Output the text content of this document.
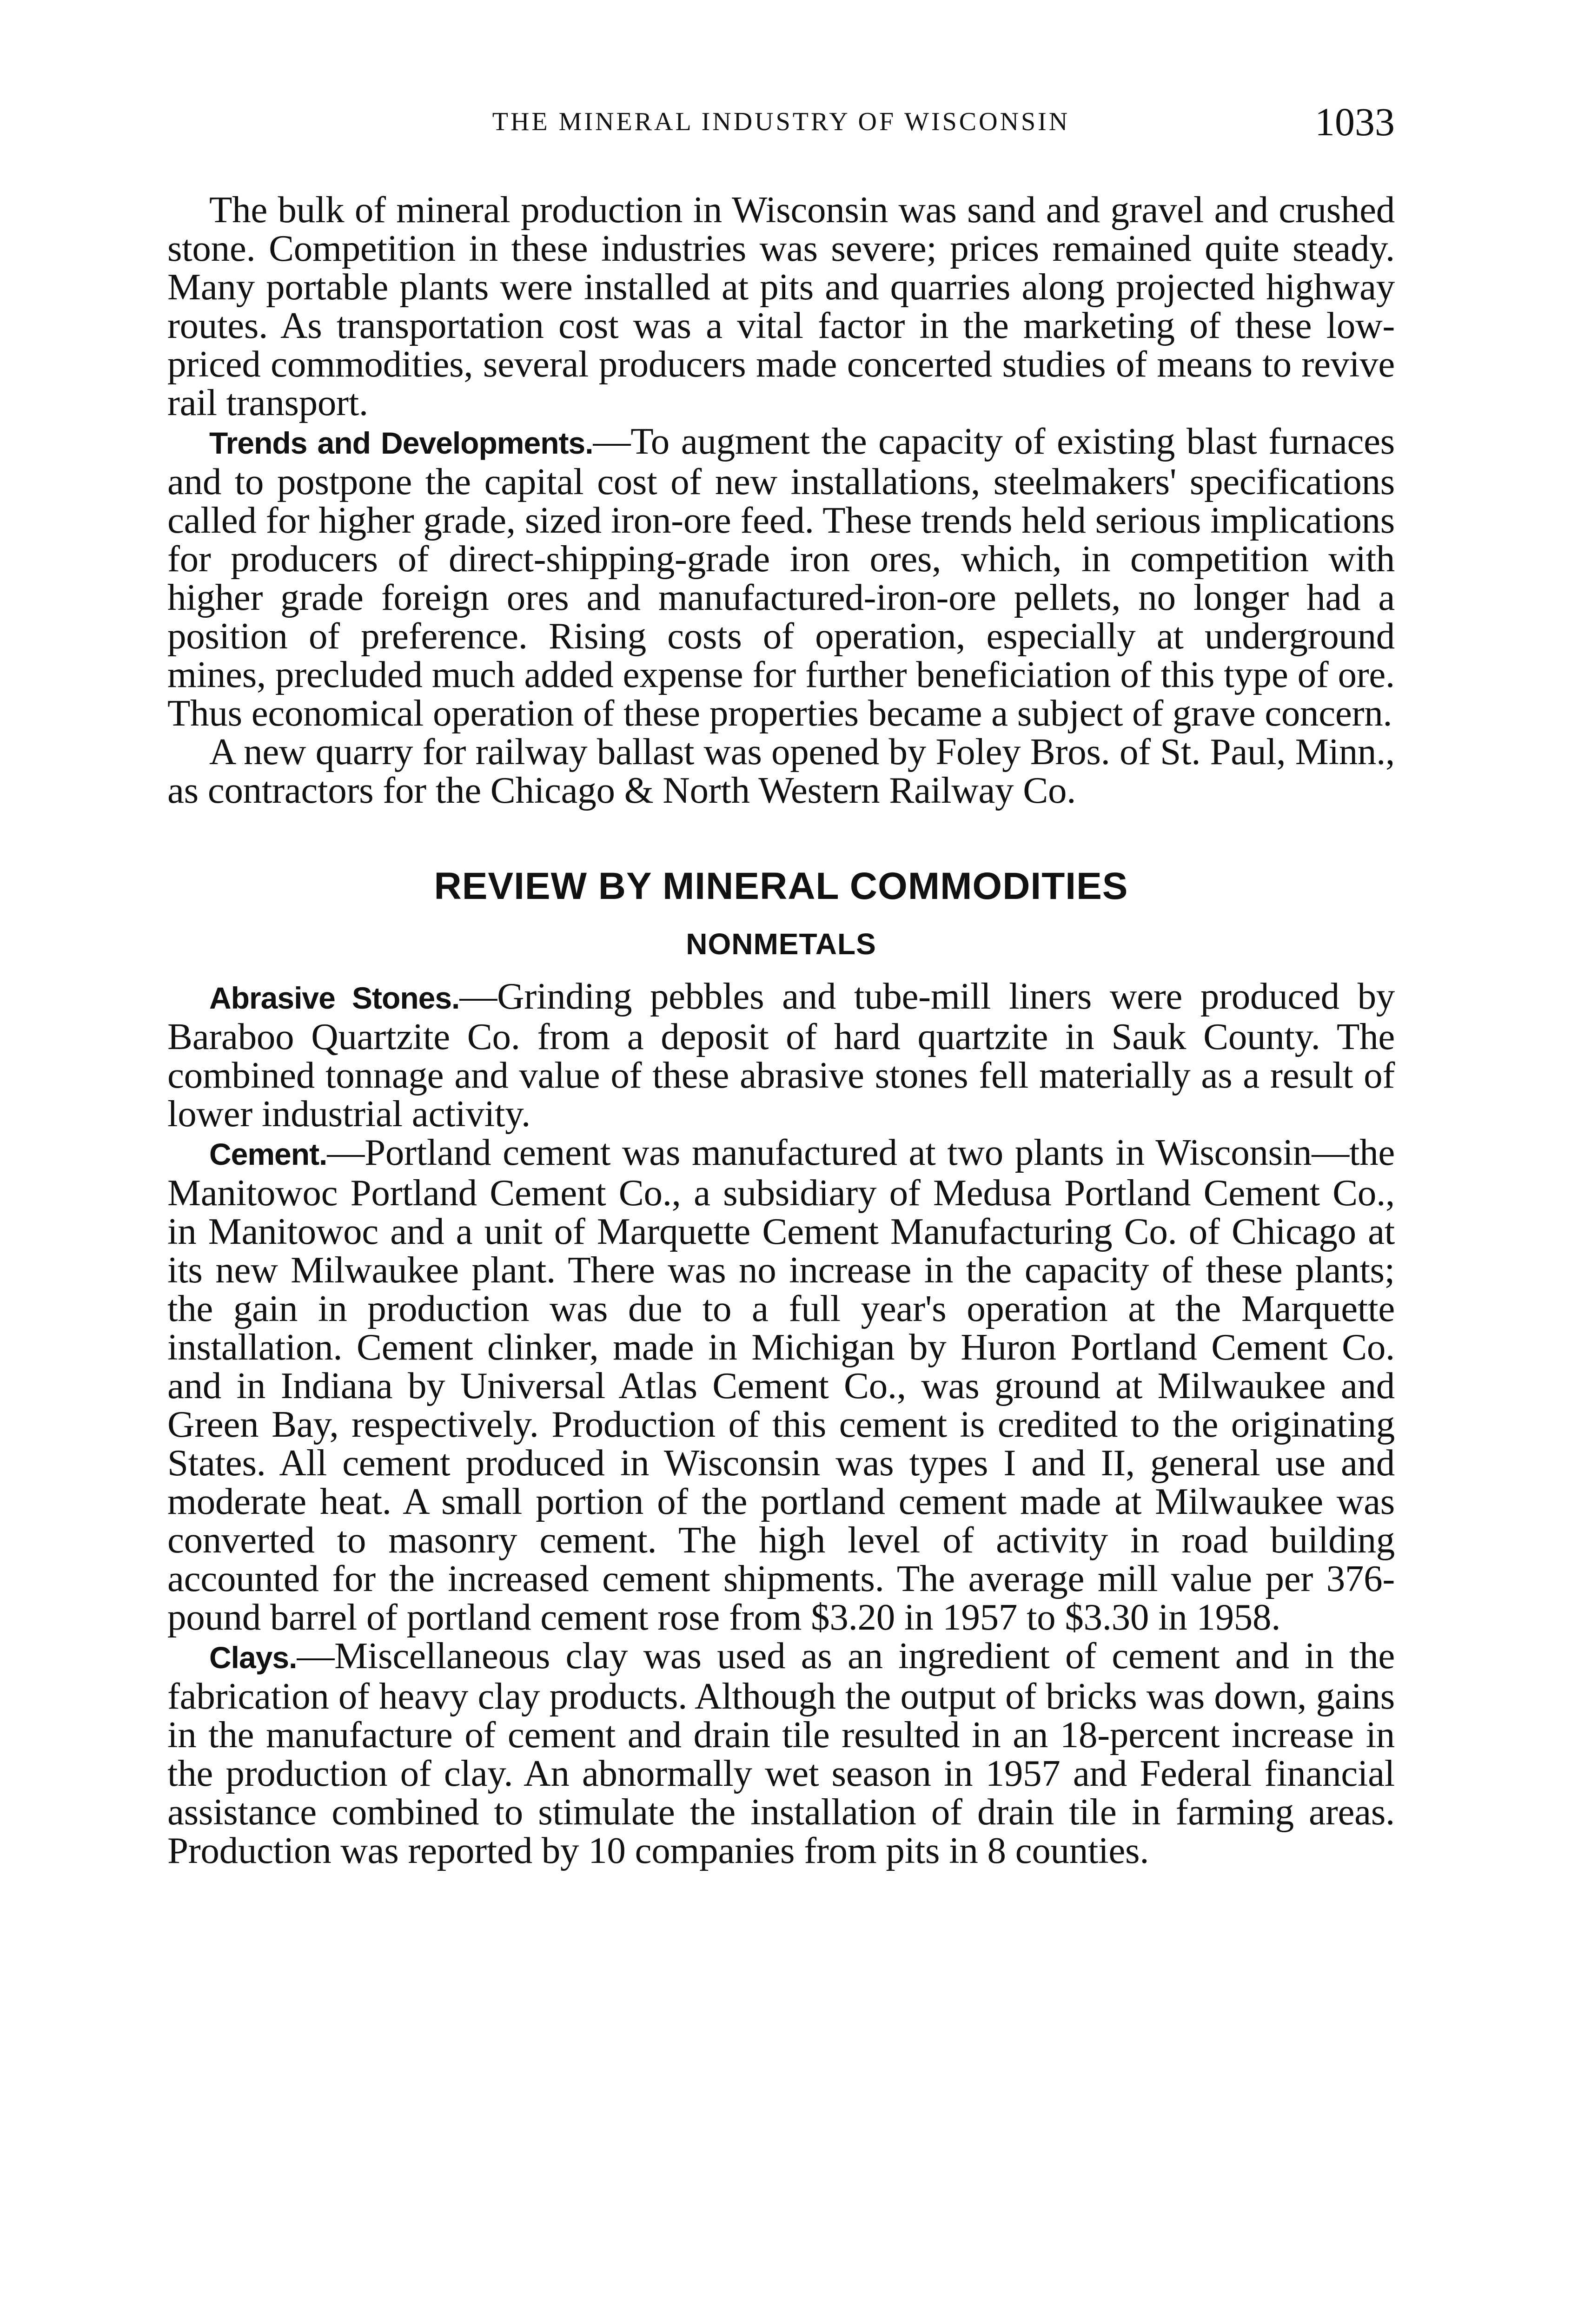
THE MINERAL INDUSTRY OF WISCONSIN	1033

The bulk of mineral production in Wisconsin was sand and gravel and crushed stone. Competition in these industries was severe; prices remained quite steady. Many portable plants were installed at pits and quarries along projected highway routes. As transportation cost was a vital factor in the marketing of these low-priced commodities, several producers made concerted studies of means to revive rail transport.

Trends and Developments.—To augment the capacity of existing blast furnaces and to postpone the capital cost of new installations, steelmakers' specifications called for higher grade, sized iron-ore feed. These trends held serious implications for producers of direct-shipping-grade iron ores, which, in competition with higher grade foreign ores and manufactured-iron-ore pellets, no longer had a position of preference. Rising costs of operation, especially at underground mines, precluded much added expense for further beneficiation of this type of ore. Thus economical operation of these properties became a subject of grave concern.

A new quarry for railway ballast was opened by Foley Bros. of St. Paul, Minn., as contractors for the Chicago & North Western Railway Co.

REVIEW BY MINERAL COMMODITIES
NONMETALS

Abrasive Stones.—Grinding pebbles and tube-mill liners were produced by Baraboo Quartzite Co. from a deposit of hard quartzite in Sauk County. The combined tonnage and value of these abrasive stones fell materially as a result of lower industrial activity.

Cement.—Portland cement was manufactured at two plants in Wisconsin—the Manitowoc Portland Cement Co., a subsidiary of Medusa Portland Cement Co., in Manitowoc and a unit of Marquette Cement Manufacturing Co. of Chicago at its new Milwaukee plant. There was no increase in the capacity of these plants; the gain in production was due to a full year's operation at the Marquette installation. Cement clinker, made in Michigan by Huron Portland Cement Co. and in Indiana by Universal Atlas Cement Co., was ground at Milwaukee and Green Bay, respectively. Production of this cement is credited to the originating States. All cement produced in Wisconsin was types I and II, general use and moderate heat. A small portion of the portland cement made at Milwaukee was converted to masonry cement. The high level of activity in road building accounted for the increased cement shipments. The average mill value per 376-pound barrel of portland cement rose from $3.20 in 1957 to $3.30 in 1958.

Clays.—Miscellaneous clay was used as an ingredient of cement and in the fabrication of heavy clay products. Although the output of bricks was down, gains in the manufacture of cement and drain tile resulted in an 18-percent increase in the production of clay. An abnormally wet season in 1957 and Federal financial assistance combined to stimulate the installation of drain tile in farming areas. Production was reported by 10 companies from pits in 8 counties.
